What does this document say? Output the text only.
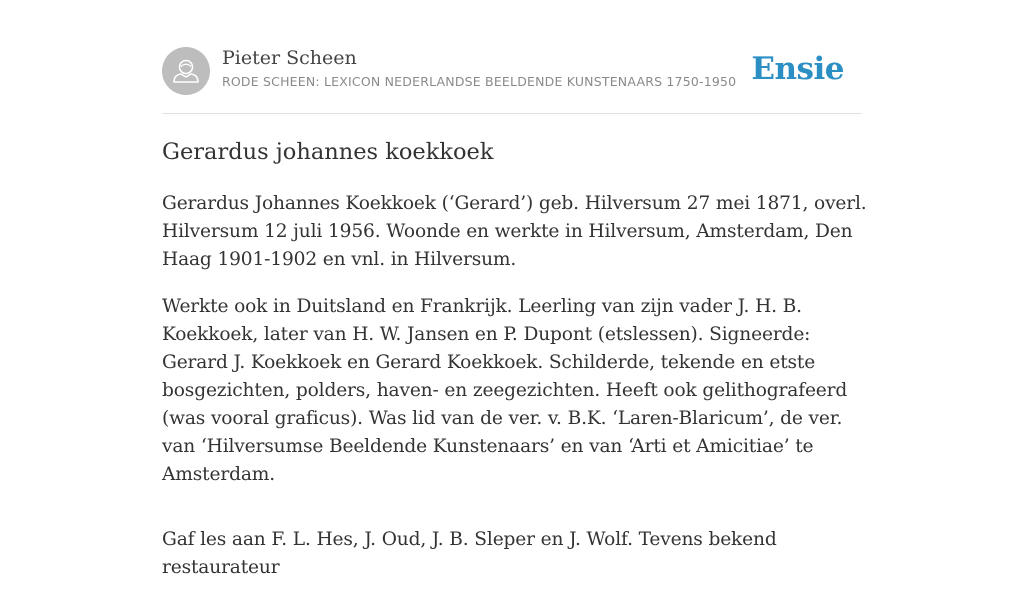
Pieter Scheen
RODE SCHEEN: LEXICON NEDERLANDSE BEELDENDE KUNSTENAARS 1750-1950 Ensie
Gerardus johannes koekkoek

Gerardus Johannes Koekkoek (‘Gerard’) geb. Hilversum 27 mei 1871, overl. Hilversum 12 juli 1956. Woonde en werkte in Hilversum, Amsterdam, Den Haag 1901-1902 en vnl. in Hilversum.

Werkte ook in Duitsland en Frankrijk. Leerling van zijn vader J. H. B. Koekkoek, later van H. W. Jansen en P. Dupont (etslessen). Signeerde: Gerard J. Koekkoek en Gerard Koekkoek. Schilderde, tekende en etste bosgezichten, polders, haven- en zeegezichten. Heeft ook gelithografeerd (was vooral graficus). Was lid van de ver. v. B.K. ‘Laren-Blaricum’, de ver. van ‘Hilversumse Beeldende Kunstenaars’ en van ‘Arti et Amicitiae’ te Amsterdam.

Gaf les aan F. L. Hes, J. Oud, J. B. Sleper en J. Wolf. Tevens bekend restaurateur
